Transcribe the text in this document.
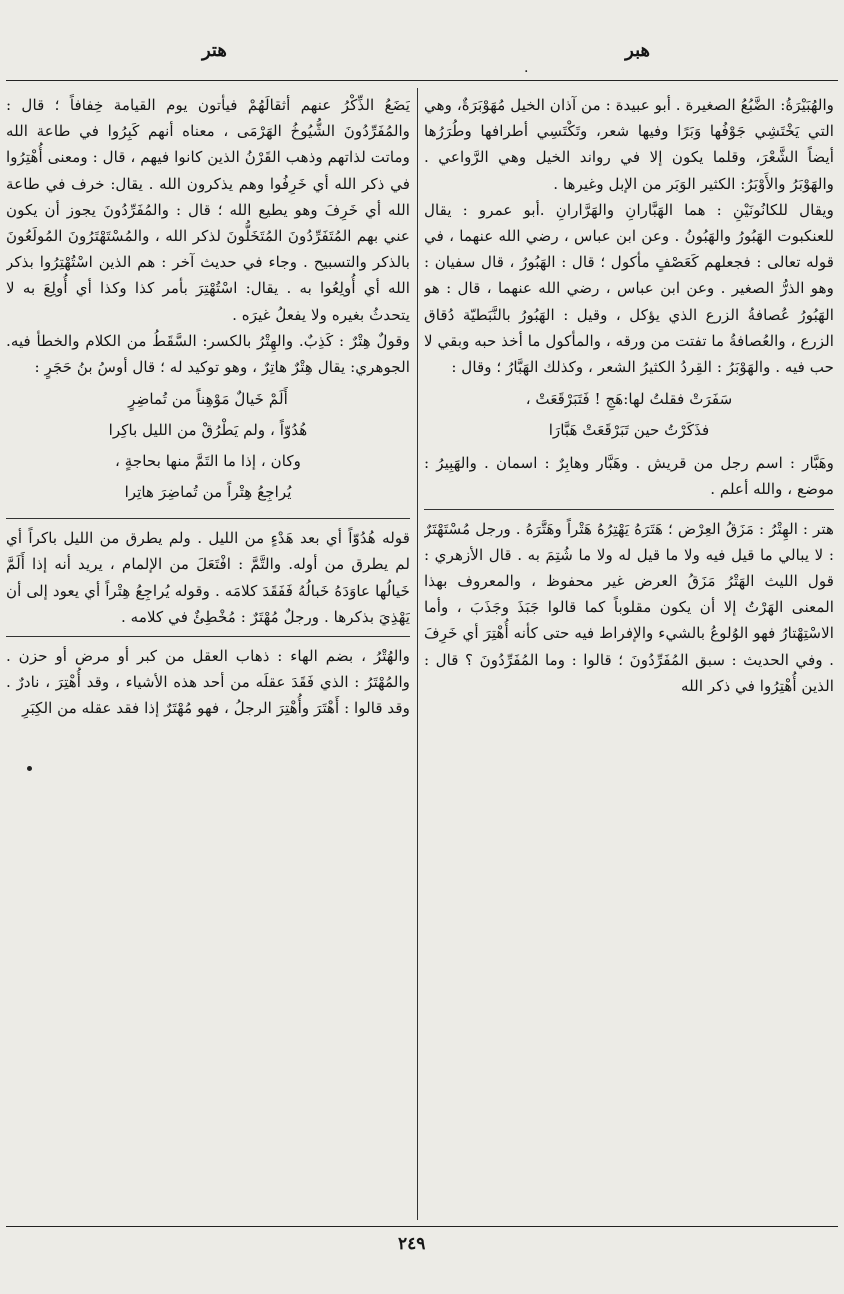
هتر
.
هبر

والهُبَيْرَةُ: الضَّبُعُ الصغيرة . أبو عبيدة : من آذان الخيل مُهَوْبَرَةٌ، وهي التي يَخْتَشِي جَوْفُها وَبَرًا وفيها شعر، وتَكْتَسِي أطرافها وطُرَرُها أيضاً الشَّعْرَ، وقلما يكون إلا في رواند الخيل وهي الرَّواعي . والهَوْبَرُ والأَوْبَرُ: الكثير الوَبَر من الإبل وغيرها .

ويقال للكانُونَيْنِ : هما الهَبَّارانِ والهَرَّارانِ .أبو عمرو : يقال للعنكبوت الهَبُورُ والهَبُونُ . وعن ابن عباس ، رضي الله عنهما ، في قوله تعالى : فجعلهم كَعَصْفٍ مأكول ؛ قال : الهَبُورُ ، قال سفيان : وهو الذرُّ الصغير . وعن ابن عباس ، رضي الله عنهما ، قال : هو الهَبُورُ عُصافةُ الزرع الذي يؤكل ، وقيل : الهَبُورُ بالنَّبَطيّة دُقاق الزرع ، والعُصافةُ ما تفتت من ورقه ، والمأكول ما أخذ حبه وبقي لا حب فيه . والهَوْبَرُ : القِردُ الكثيرُ الشعر ، وكذلك الهَبَّارُ ؛ وقال :

سَفَرَتْ فقلتُ لها:هَجِ ! فَتَبَرْقَعَتْ ،
فذَكَرْتُ حين تَبَرْقَعَتْ هَبَّارَا

وهَبَّار : اسم رجل من قريش . وهَبَّار وهابِرٌ : اسمان . والهَبِيرُ : موضع ، والله أعلم .

هتر : الهِتْرُ : مَزَقُ العِرْض ؛ هَتَرَهُ يَهْتِرُهُ هَتْراً وهَتَّرَهُ . ورجل مُسْتَهْتَرٌ : لا يبالي ما قيل فيه ولا ما قيل له ولا ما شُتِمَ به . قال الأزهري : قول الليث الهَتْرُ مَزَقُ العرض غير محفوظ ، والمعروف بهذا المعنى الهَرْتُ إلا أن يكون مقلوباً كما قالوا جَبَذَ وجَذَبَ ، وأما الاسْتِهْتارُ فهو الوُلوعُ بالشيء والإفراط فيه حتى كأنه أُهْتِرَ أي خَرِفَ . وفي الحديث : سبق المُفَرِّدُونَ ؛ قالوا : وما المُفَرِّدُونَ ؟ قال : الذين أُهْتِرُوا في ذكر الله

يَضَعُ الذِّكْرُ عنهم أثقالَهُمْ فيأتون يوم القيامة خِفافاً ؛ قال : والمُفَرِّدُونَ الشُّيُوخُ الهَرْمَى ، معناه أنهم كَبِرُوا في طاعة الله وماتت لذاتهم وذهب القَرْنُ الذين كانوا فيهم ، قال : ومعنى أُهْتِرُوا في ذكر الله أي خَرِفُوا وهم يذكرون الله . يقال: خرف في طاعة الله أي خَرِفَ وهو يطيع الله ؛ قال : والمُفَرِّدُونَ يجوز أن يكون عني بهم المُتَفَرِّدُونَ المُتَخَلُّونَ لذكر الله ، والمُسْتَهْتَرُونَ المُولَعُونَ بالذكر والتسبيح . وجاء في حديث آخر : هم الذين اسْتُهْتِرُوا بذكر الله أي أُولِعُوا به . يقال: اسْتُهْتِرَ بأمر كذا وكذا أي أُولِعَ به لا يتحدثُ بغيره ولا يفعلُ غيرَه .

وقولٌ هِتْرٌ : كَذِبٌ. والهِتْرُ بالكسر: السَّقَطُ من الكلام والخطأ فيه. الجوهري: يقال هِتْرٌ هاتِرٌ ، وهو توكيد له ؛ قال أوسُ بنُ حَجَرٍ :

أَلَمْ خَيالٌ مَوْهِناً من تُماضِرٍ
هُدُوّاً ، ولم يَطْرُقْ من الليل باكِرا
وكان ، إذا ما التَمَّ منها بحاجةٍ ،
يُراجِعُ هِتْراً من تُماضِرَ هاتِرا

قوله هُدُوّاً أي بعد هَدْءٍ من الليل . ولم يطرق من الليل باكراً أي لم يطرق من أوله. والتَّمَّ : افْتَعَلَ من الإلمام ، يريد أنه إذا أَلَمَّ خَيالُها عاوَدَهُ خَبالُهُ فَفَقَدَ كلامَه . وقوله يُراجِعُ هِتْراً أي يعود إلى أن يَهْذِيَ بذكرها . ورجلٌ مُهْتَرٌ : مُخْطِئٌ في كلامه .

والهُتْرُ ، بضم الهاء : ذهاب العقل من كبر أو مرض أو حزن . والمُهْتَرُ : الذي فَقَدَ عقلَه من أحد هذه الأشياء ، وقد أُهْتِرَ ، نادرٌ . وقد قالوا : أَهْتَرَ وأُهْتِرَ الرجلُ ، فهو مُهْتَرٌ إذا فقد عقله من الكِبَرِ

٢٤٩
